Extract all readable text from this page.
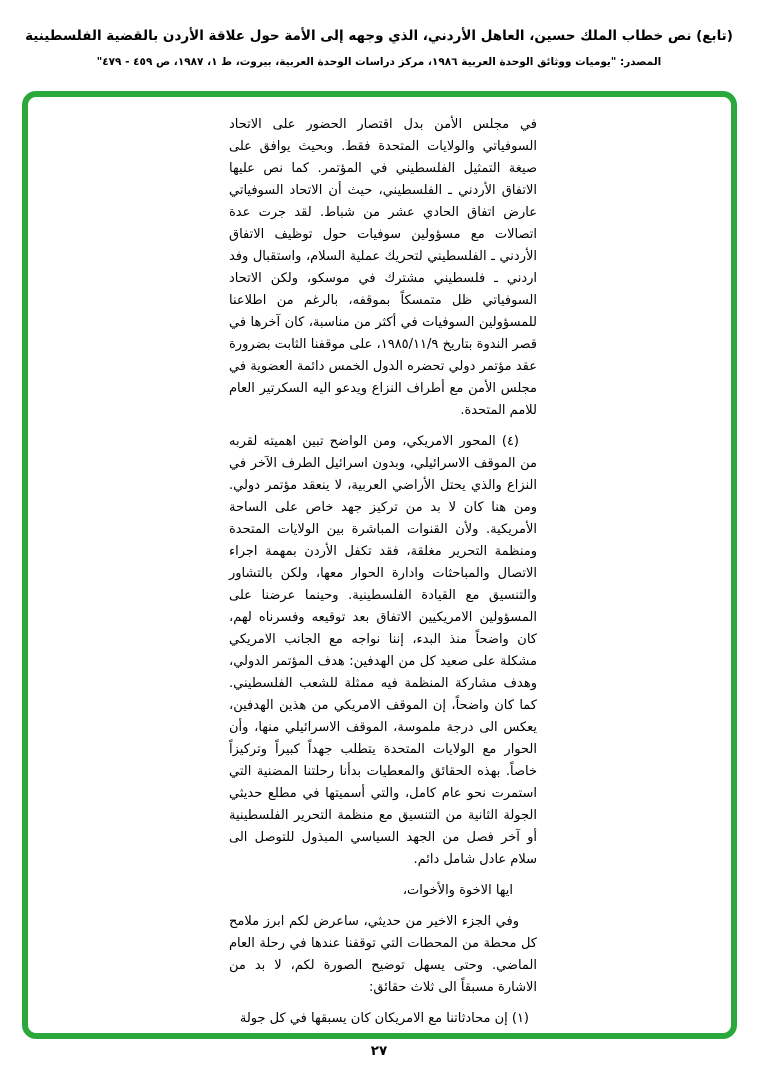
(تابع) نص خطاب الملك حسين، العاهل الأردني، الذي وجهه إلى الأمة حول علاقة الأردن بالقضية الفلسطينية
المصدر: "يوميات ووثائق الوحدة العربية ١٩٨٦، مركز دراسات الوحدة العربية، بيروت، ط ١، ١٩٨٧، ص ٤٥٩ - ٤٧٩"

في مجلس الأمن بدل اقتصار الحضور على الاتحاد السوفياتي والولايات المتحدة فقط. وبحيث يوافق على صيغة التمثيل الفلسطيني في المؤتمر. كما نص عليها الاتفاق الأردني ـ الفلسطيني، حيث أن الاتحاد السوفياتي عارض اتفاق الحادي عشر من شباط. لقد جرت عدة اتصالات مع مسؤولين سوفيات حول توظيف الاتفاق الأردني ـ الفلسطيني لتحريك عملية السلام، واستقبال وفد اردني ـ فلسطيني مشترك في موسكو، ولكن الاتحاد السوفياتي ظل متمسكاً بموقفه، بالرغم من اطلاعنا للمسؤولين السوفيات في أكثر من مناسبة، كان آخرها في قصر الندوة بتاريخ ١٩٨٥/١١/٩، على موقفنا الثابت بضرورة عقد مؤتمر دولي تحضره الدول الخمس دائمة العضوية في مجلس الأمن مع أطراف النزاع ويدعو اليه السكرتير العام للامم المتحدة.

(٤) المحور الامريكي، ومن الواضح تبين اهميته لقربه من الموقف الاسرائيلي، وبدون اسرائيل الطرف الآخر في النزاع والذي يحتل الأراضي العربية، لا ينعقد مؤتمر دولي. ومن هنا كان لا بد من تركيز جهد خاص على الساحة الأمريكية. ولأن القنوات المباشرة بين الولايات المتحدة ومنظمة التحرير مغلقة، فقد تكفل الأردن بمهمة اجراء الاتصال والمباحثات وادارة الحوار معها، ولكن بالتشاور والتنسيق مع القيادة الفلسطينية. وحينما عرضنا على المسؤولين الامريكيين الاتفاق بعد توقيعه وفسرناه لهم، كان واضحاً منذ البدء، إننا نواجه مع الجانب الامريكي مشكلة على صعيد كل من الهدفين: هدف المؤتمر الدولي، وهدف مشاركة المنظمة فيه ممثلة للشعب الفلسطيني. كما كان واضحاً، إن الموقف الامريكي من هذين الهدفين، يعكس الى درجة ملموسة، الموقف الاسرائيلي منها، وأن الحوار مع الولايات المتحدة يتطلب جهداً كبيراً وتركيزاً خاصاً. بهذه الحقائق والمعطيات بدأنا رحلتنا المضنية التي استمرت نحو عام كامل، والتي أسميتها في مطلع حديثي الجولة الثانية من التنسيق مع منظمة التحرير الفلسطينية أو آخر فصل من الجهد السياسي المبذول للتوصل الى سلام عادل شامل دائم.

ايها الاخوة والأخوات،

وفي الجزء الاخير من حديثي، ساعرض لكم ابرز ملامح كل محطة من المحطات التي توقفنا عندها في رحلة العام الماضي. وحتى يسهل توضيح الصورة لكم، لا بد من الاشارة مسبقاً الى ثلاث حقائق:

(١) إن محادثاتنا مع الامريكان كان يسبقها في كل جولة

٢٧
